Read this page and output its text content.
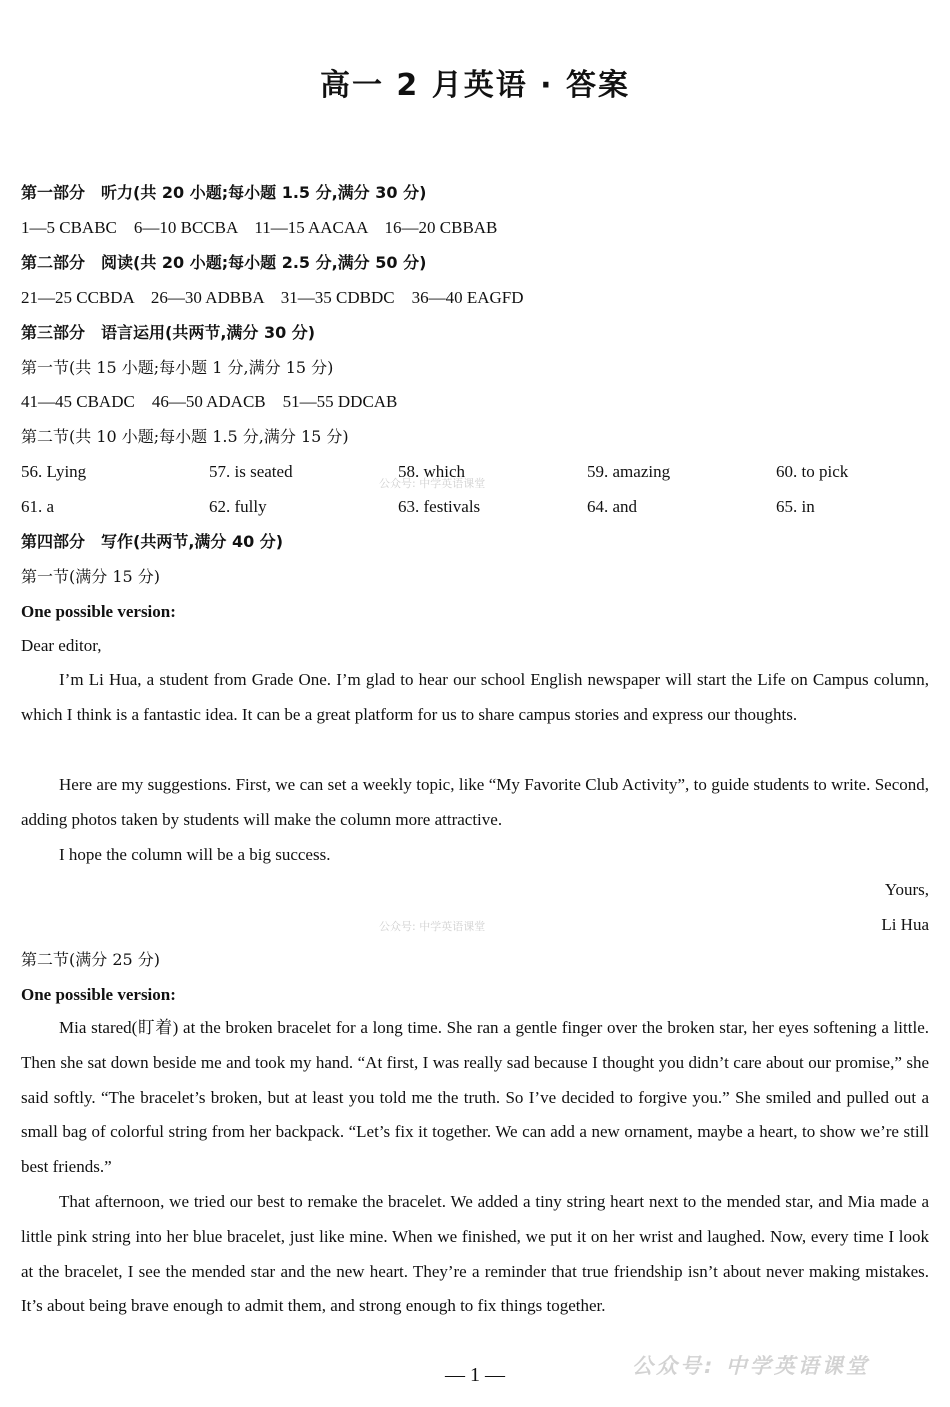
高一 2 月英语 · 答案
第一部分　听力(共 20 小题;每小题 1.5 分,满分 30 分)
1—5 CBABC　6—10 BCCBA　11—15 AACAA　16—20 CBBAB
第二部分　阅读(共 20 小题;每小题 2.5 分,满分 50 分)
21—25 CCBDA　26—30 ADBBA　31—35 CDBDC　36—40 EAGFD
第三部分　语言运用(共两节,满分 30 分)
第一节(共 15 小题;每小题 1 分,满分 15 分)
41—45 CBADC　46—50 ADACB　51—55 DDCAB
第二节(共 10 小题;每小题 1.5 分,满分 15 分)
56. Lying	57. is seated	58. which	59. amazing	60. to pick
公众号: 中学英语课堂
61. a	62. fully	63. festivals	64. and	65. in
第四部分　写作(共两节,满分 40 分)
第一节(满分 15 分)
One possible version:
Dear editor,

I’m Li Hua, a student from Grade One. I’m glad to hear our school English newspaper will start the Life on Campus column, which I think is a fantastic idea. It can be a great platform for us to share campus stories and express our thoughts.

Here are my suggestions. First, we can set a weekly topic, like “My Favorite Club Activity”, to guide students to write. Second, adding photos taken by students will make the column more attractive.

I hope the column will be a big success.

Yours,
公众号: 中学英语课堂	Li Hua
第二节(满分 25 分)
One possible version:

Mia stared(盯着) at the broken bracelet for a long time. She ran a gentle finger over the broken star, her eyes softening a little. Then she sat down beside me and took my hand. “At first, I was really sad because I thought you didn’t care about our promise,” she said softly. “The bracelet’s broken, but at least you told me the truth. So I’ve decided to forgive you.” She smiled and pulled out a small bag of colorful string from her backpack. “Let’s fix it together. We can add a new ornament, maybe a heart, to show we’re still best friends.”

That afternoon, we tried our best to remake the bracelet. We added a tiny string heart next to the mended star, and Mia made a little pink string into her blue bracelet, just like mine. When we finished, we put it on her wrist and laughed. Now, every time I look at the bracelet, I see the mended star and the new heart. They’re a reminder that true friendship isn’t about never making mistakes. It’s about being brave enough to admit them, and strong enough to fix things together.

— 1 —	公众号: 中学英语课堂
